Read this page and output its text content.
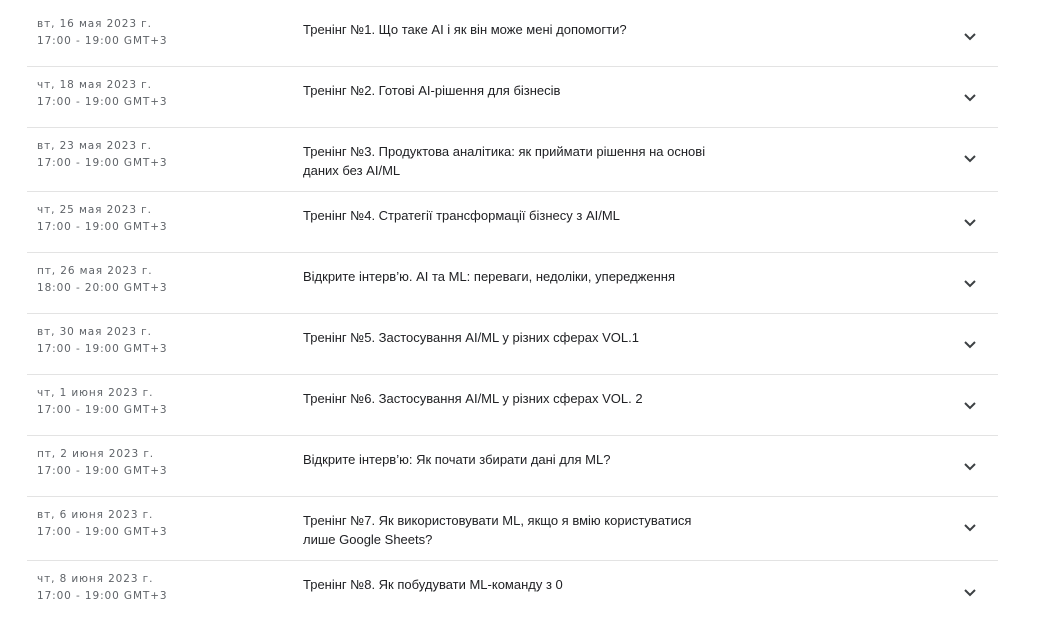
вт, 16 мая 2023 г.
17:00 - 19:00 GMT+3
Тренінг №1. Що таке AI і як він може мені допомогти?
чт, 18 мая 2023 г.
17:00 - 19:00 GMT+3
Тренінг №2. Готові AI-рішення для бізнесів
вт, 23 мая 2023 г.
17:00 - 19:00 GMT+3
Тренінг №3. Продуктова аналітика: як приймати рішення на основі даних без AI/ML
чт, 25 мая 2023 г.
17:00 - 19:00 GMT+3
Тренінг №4. Стратегії трансформації бізнесу з AI/ML
пт, 26 мая 2023 г.
18:00 - 20:00 GMT+3
Відкрите інтерв’ю. AI та ML: переваги, недоліки, упередження
вт, 30 мая 2023 г.
17:00 - 19:00 GMT+3
Тренінг №5. Застосування AI/ML у різних сферах VOL.1
чт, 1 июня 2023 г.
17:00 - 19:00 GMT+3
Тренінг №6. Застосування AI/ML у різних сферах VOL. 2
пт, 2 июня 2023 г.
17:00 - 19:00 GMT+3
Відкрите інтерв’ю: Як почати збирати дані для ML?
вт, 6 июня 2023 г.
17:00 - 19:00 GMT+3
Тренінг №7. Як використовувати ML, якщо я вмію користуватися лише Google Sheets?
чт, 8 июня 2023 г.
17:00 - 19:00 GMT+3
Тренінг №8. Як побудувати ML-команду з 0
